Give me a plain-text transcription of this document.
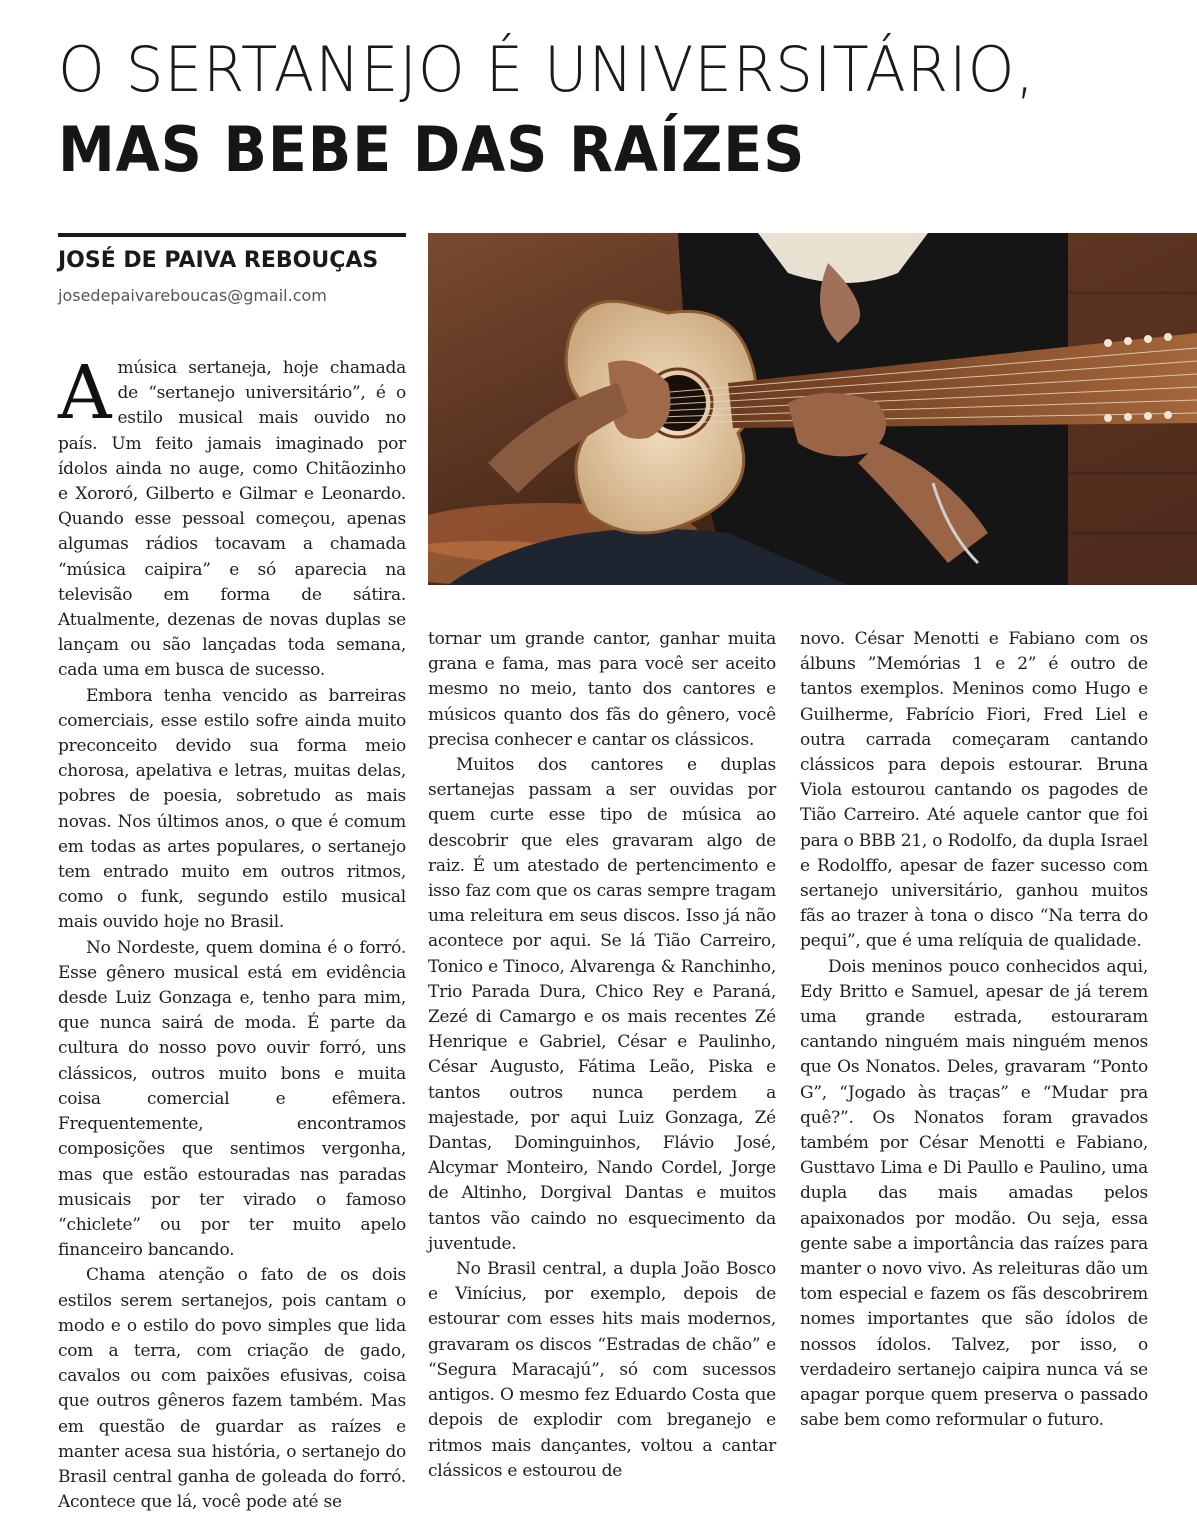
O SERTANEJO É UNIVERSITÁRIO,
MAS BEBE DAS RAÍZES
JOSÉ DE PAIVA REBOUÇAS
josedepaivareboucas@gmail.com
A música sertaneja, hoje chamada de “sertanejo universitário”, é o estilo musical mais ouvido no país. Um feito jamais imaginado por ídolos ainda no auge, como Chitãozinho e Xororó, Gilberto e Gilmar e Leonardo. Quando esse pessoal começou, apenas algumas rádios tocavam a chamada “música caipira” e só aparecia na televisão em forma de sátira. Atualmente, dezenas de novas duplas se lançam ou são lançadas toda semana, cada uma em busca de sucesso.

Embora tenha vencido as barreiras comerciais, esse estilo sofre ainda muito preconceito devido sua forma meio chorosa, apelativa e letras, muitas delas, pobres de poesia, sobretudo as mais novas. Nos últimos anos, o que é comum em todas as artes populares, o sertanejo tem entrado muito em outros ritmos, como o funk, segundo estilo musical mais ouvido hoje no Brasil.

No Nordeste, quem domina é o forró. Esse gênero musical está em evidência desde Luiz Gonzaga e, tenho para mim, que nunca sairá de moda. É parte da cultura do nosso povo ouvir forró, uns clássicos, outros muito bons e muita coisa comercial e efêmera. Frequentemente, encontramos composições que sentimos vergonha, mas que estão estouradas nas paradas musicais por ter virado o famoso “chiclete” ou por ter muito apelo financeiro bancando.

Chama atenção o fato de os dois estilos serem sertanejos, pois cantam o modo e o estilo do povo simples que lida com a terra, com criação de gado, cavalos ou com paixões efusivas, coisa que outros gêneros fazem também. Mas em questão de guardar as raízes e manter acesa sua história, o sertanejo do Brasil central ganha de goleada do forró. Acontece que lá, você pode até se

tornar um grande cantor, ganhar muita grana e fama, mas para você ser aceito mesmo no meio, tanto dos cantores e músicos quanto dos fãs do gênero, você precisa conhecer e cantar os clássicos.

Muitos dos cantores e duplas sertanejas passam a ser ouvidas por quem curte esse tipo de música ao descobrir que eles gravaram algo de raiz. É um atestado de pertencimento e isso faz com que os caras sempre tragam uma releitura em seus discos. Isso já não acontece por aqui. Se lá Tião Carreiro, Tonico e Tinoco, Alvarenga & Ranchinho, Trio Parada Dura, Chico Rey e Paraná, Zezé di Camargo e os mais recentes Zé Henrique e Gabriel, César e Paulinho, César Augusto, Fátima Leão, Piska e tantos outros nunca perdem a majestade, por aqui Luiz Gonzaga, Zé Dantas, Dominguinhos, Flávio José, Alcymar Monteiro, Nando Cordel, Jorge de Altinho, Dorgival Dantas e muitos tantos vão caindo no esquecimento da juventude.

No Brasil central, a dupla João Bosco e Vinícius, por exemplo, depois de estourar com esses hits mais modernos, gravaram os discos “Estradas de chão” e “Segura Maracajú”, só com sucessos antigos. O mesmo fez Eduardo Costa que depois de explodir com breganejo e ritmos mais dançantes, voltou a cantar clássicos e estourou de

novo. César Menotti e Fabiano com os álbuns ”Memórias 1 e 2” é outro de tantos exemplos. Meninos como Hugo e Guilherme, Fabrício Fiori, Fred Liel e outra carrada começaram cantando clássicos para depois estourar. Bruna Viola estourou cantando os pagodes de Tião Carreiro. Até aquele cantor que foi para o BBB 21, o Rodolfo, da dupla Israel e Rodolffo, apesar de fazer sucesso com sertanejo universitário, ganhou muitos fãs ao trazer à tona o disco “Na terra do pequi”, que é uma relíquia de qualidade.

Dois meninos pouco conhecidos aqui, Edy Britto e Samuel, apesar de já terem uma grande estrada, estouraram cantando ninguém mais ninguém menos que Os Nonatos. Deles, gravaram “Ponto G”, “Jogado às traças” e “Mudar pra quê?”. Os Nonatos foram gravados também por César Menotti e Fabiano, Gusttavo Lima e Di Paullo e Paulino, uma dupla das mais amadas pelos apaixonados por modão. Ou seja, essa gente sabe a importância das raízes para manter o novo vivo. As releituras dão um tom especial e fazem os fãs descobrirem nomes importantes que são ídolos de nossos ídolos. Talvez, por isso, o verdadeiro sertanejo caipira nunca vá se apagar porque quem preserva o passado sabe bem como reformular o futuro.
